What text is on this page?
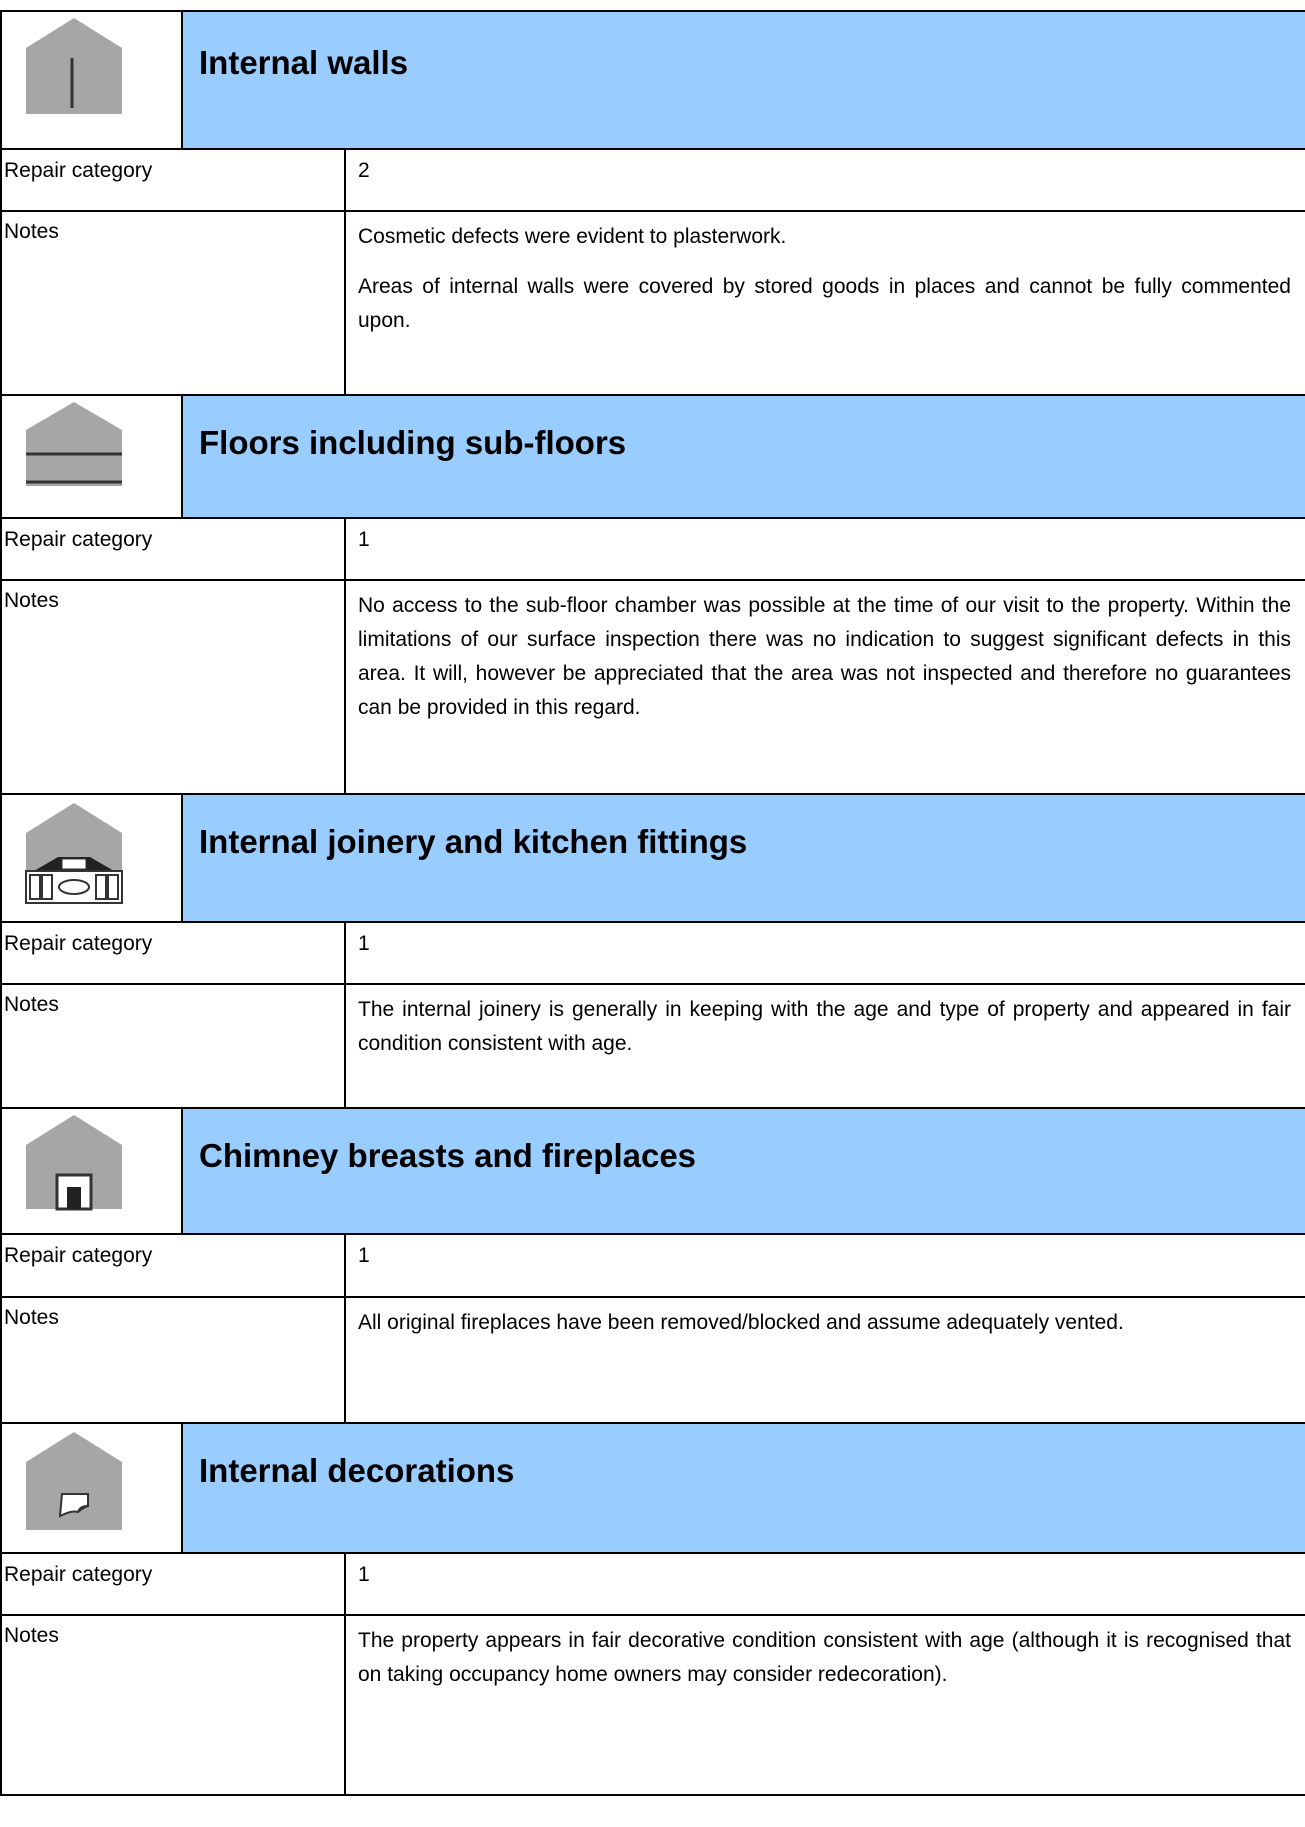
Internal walls
Repair category	2
Notes	Cosmetic defects were evident to plasterwork.

Areas of internal walls were covered by stored goods in places and cannot be fully commented upon.

Floors including sub-floors
Repair category	1
Notes	No access to the sub-floor chamber was possible at the time of our visit to the property. Within the limitations of our surface inspection there was no indication to suggest significant defects in this area. It will, however be appreciated that the area was not inspected and therefore no guarantees can be provided in this regard.

Internal joinery and kitchen fittings
Repair category	1
Notes	The internal joinery is generally in keeping with the age and type of property and appeared in fair condition consistent with age.

Chimney breasts and fireplaces
Repair category	1
Notes	All original fireplaces have been removed/blocked and assume adequately vented.

Internal decorations
Repair category	1
Notes	The property appears in fair decorative condition consistent with age (although it is recognised that on taking occupancy home owners may consider redecoration).
